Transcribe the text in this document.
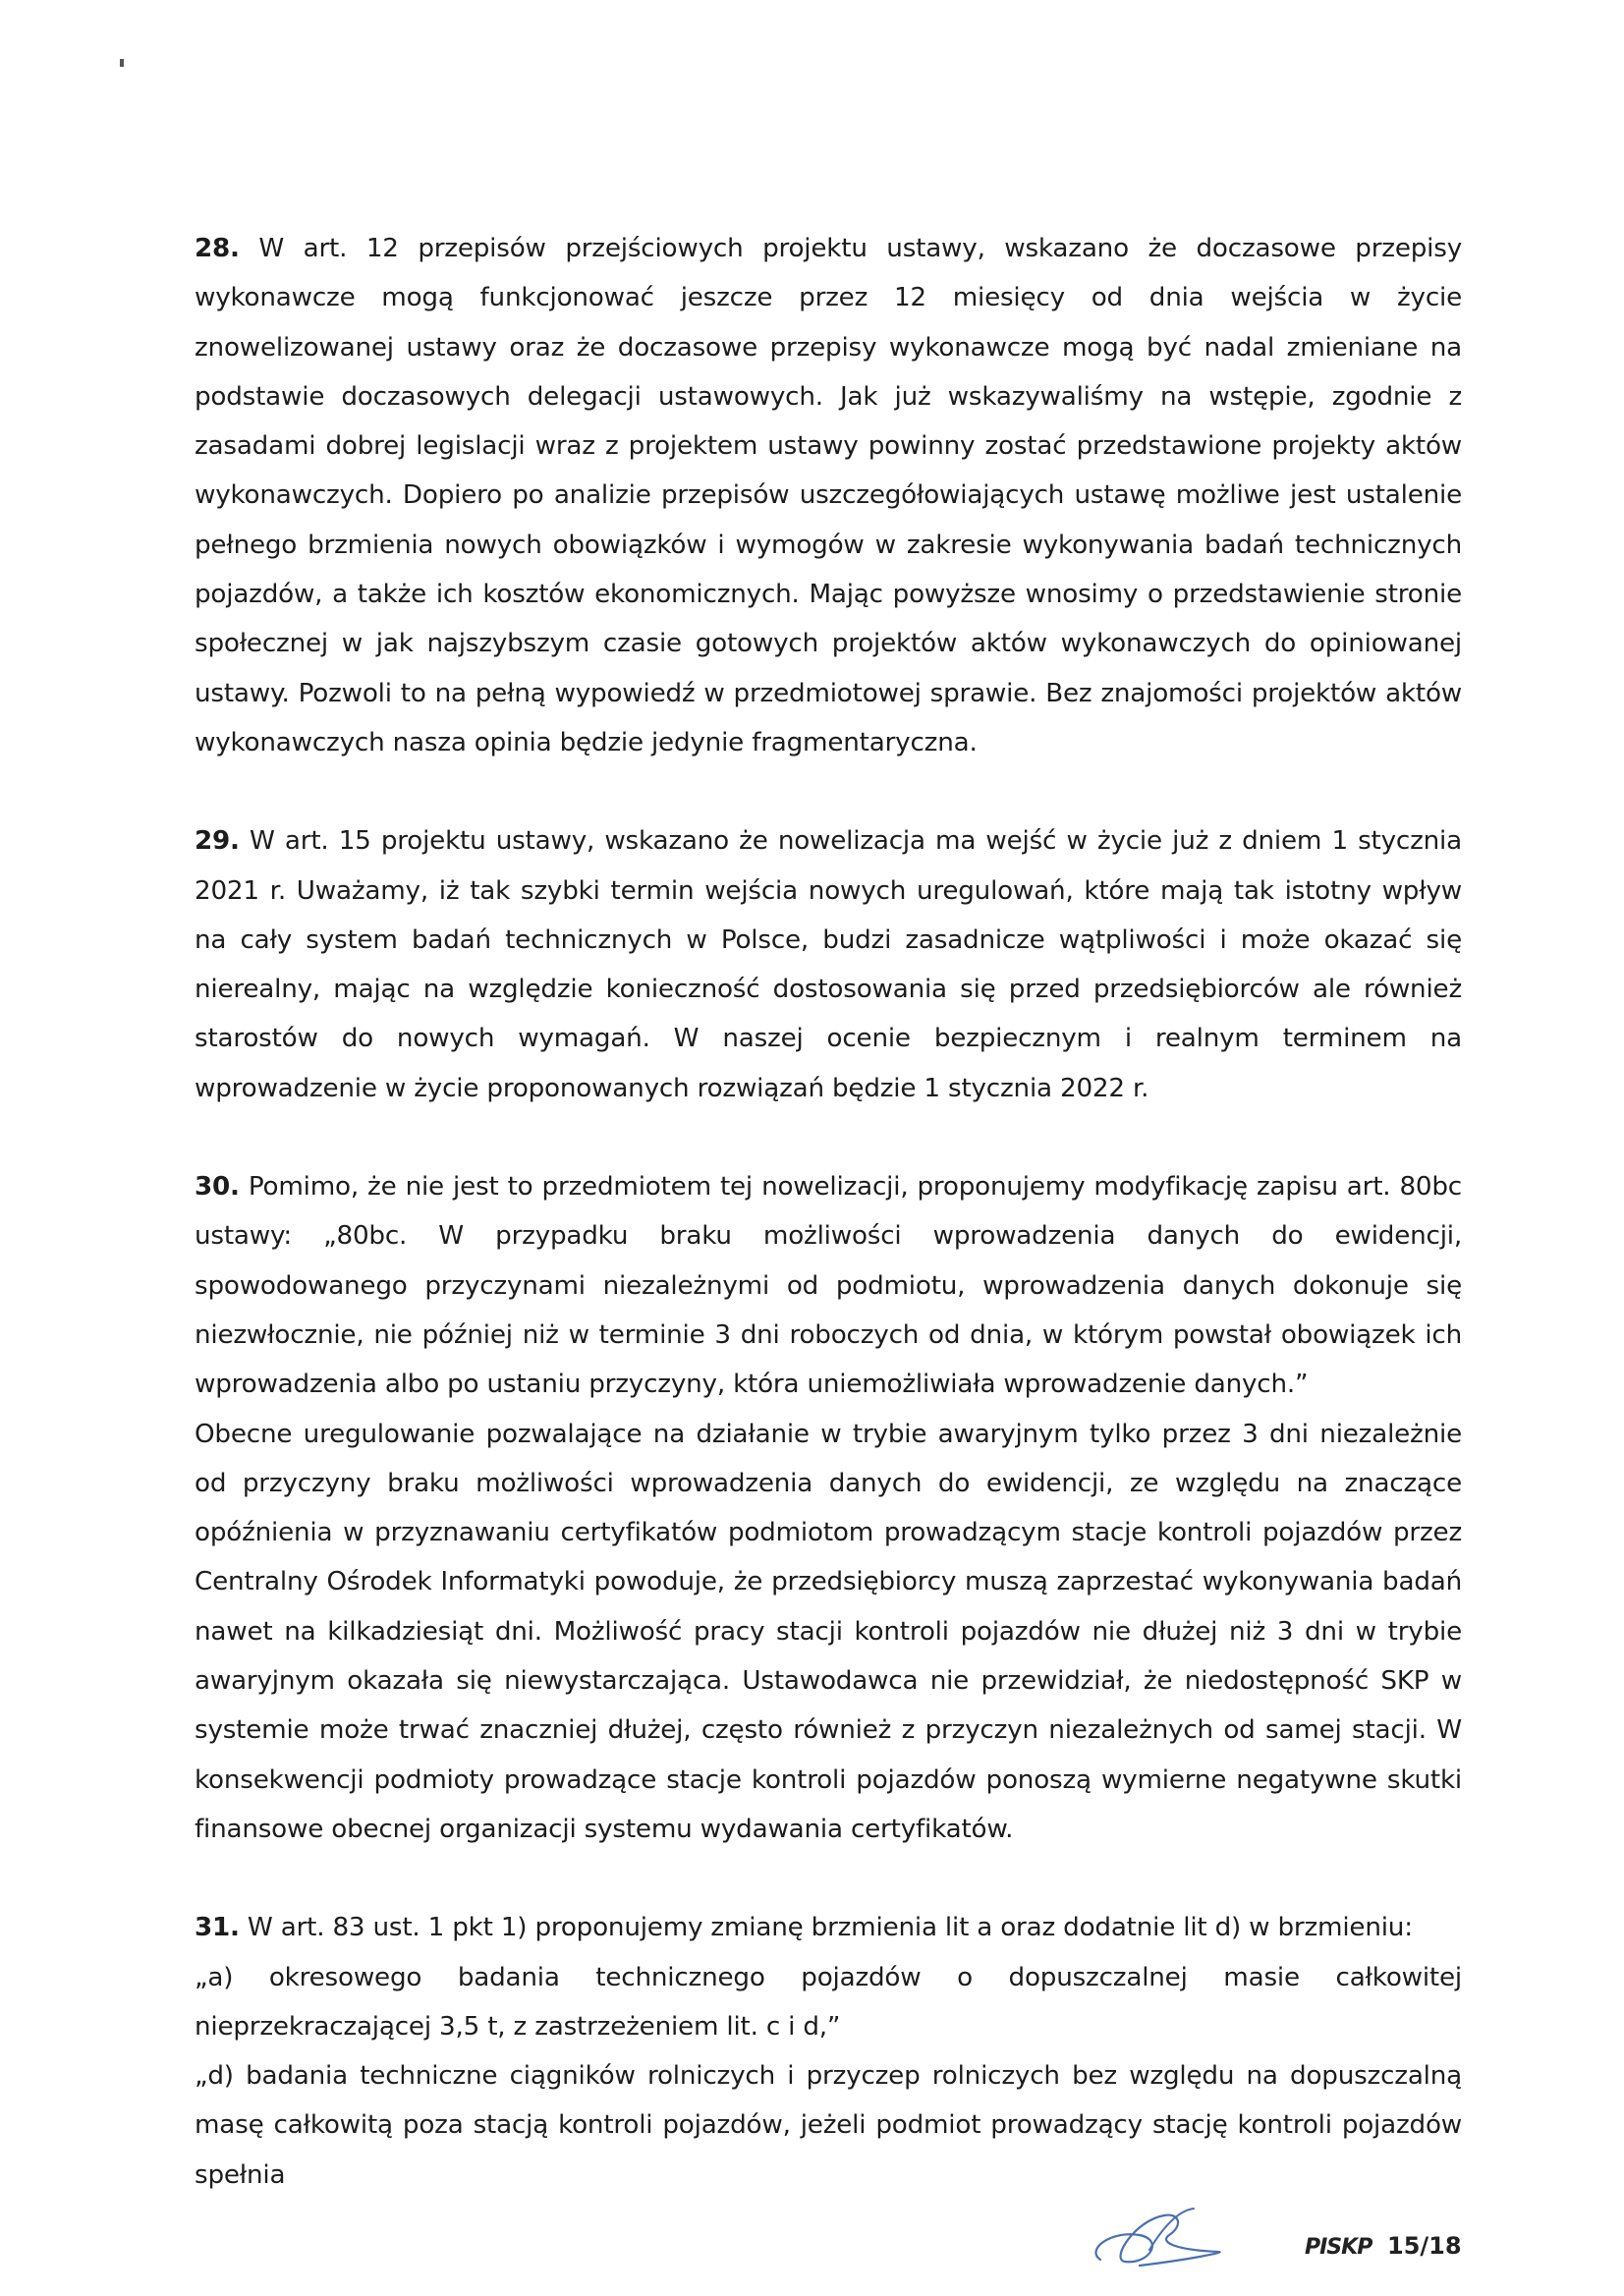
28. W art. 12 przepisów przejściowych projektu ustawy, wskazano że doczasowe przepisy wykonawcze mogą funkcjonować jeszcze przez 12 miesięcy od dnia wejścia w życie znowelizowanej ustawy oraz że doczasowe przepisy wykonawcze mogą być nadal zmieniane na podstawie doczasowych delegacji ustawowych. Jak już wskazywaliśmy na wstępie, zgodnie z zasadami dobrej legislacji wraz z projektem ustawy powinny zostać przedstawione projekty aktów wykonawczych. Dopiero po analizie przepisów uszczegółowiających ustawę możliwe jest ustalenie pełnego brzmienia nowych obowiązków i wymogów w zakresie wykonywania badań technicznych pojazdów, a także ich kosztów ekonomicznych. Mając powyższe wnosimy o przedstawienie stronie społecznej w jak najszybszym czasie gotowych projektów aktów wykonawczych do opiniowanej ustawy. Pozwoli to na pełną wypowiedź w przedmiotowej sprawie. Bez znajomości projektów aktów wykonawczych nasza opinia będzie jedynie fragmentaryczna.

29. W art. 15 projektu ustawy, wskazano że nowelizacja ma wejść w życie już z dniem 1 stycznia 2021 r. Uważamy, iż tak szybki termin wejścia nowych uregulowań, które mają tak istotny wpływ na cały system badań technicznych w Polsce, budzi zasadnicze wątpliwości i może okazać się nierealny, mając na względzie konieczność dostosowania się przed przedsiębiorców ale również starostów do nowych wymagań. W naszej ocenie bezpiecznym i realnym terminem na wprowadzenie w życie proponowanych rozwiązań będzie 1 stycznia 2022 r.

30. Pomimo, że nie jest to przedmiotem tej nowelizacji, proponujemy modyfikację zapisu art. 80bc ustawy: „80bc. W przypadku braku możliwości wprowadzenia danych do ewidencji, spowodowanego przyczynami niezależnymi od podmiotu, wprowadzenia danych dokonuje się niezwłocznie, nie później niż w terminie 3 dni roboczych od dnia, w którym powstał obowiązek ich wprowadzenia albo po ustaniu przyczyny, która uniemożliwiała wprowadzenie danych.”

Obecne uregulowanie pozwalające na działanie w trybie awaryjnym tylko przez 3 dni niezależnie od przyczyny braku możliwości wprowadzenia danych do ewidencji, ze względu na znaczące opóźnienia w przyznawaniu certyfikatów podmiotom prowadzącym stacje kontroli pojazdów przez Centralny Ośrodek Informatyki powoduje, że przedsiębiorcy muszą zaprzestać wykonywania badań nawet na kilkadziesiąt dni. Możliwość pracy stacji kontroli pojazdów nie dłużej niż 3 dni w trybie awaryjnym okazała się niewystarczająca. Ustawodawca nie przewidział, że niedostępność SKP w systemie może trwać znaczniej dłużej, często również z przyczyn niezależnych od samej stacji. W konsekwencji podmioty prowadzące stacje kontroli pojazdów ponoszą wymierne negatywne skutki finansowe obecnej organizacji systemu wydawania certyfikatów.

31. W art. 83 ust. 1 pkt 1) proponujemy zmianę brzmienia lit a oraz dodatnie lit d) w brzmieniu:

„a) okresowego badania technicznego pojazdów o dopuszczalnej masie całkowitej nieprzekraczającej 3,5 t, z zastrzeżeniem lit. c i d,”

„d) badania techniczne ciągników rolniczych i przyczep rolniczych bez względu na dopuszczalną masę całkowitą poza stacją kontroli pojazdów, jeżeli podmiot prowadzący stację kontroli pojazdów spełnia

PISKP 15/18
